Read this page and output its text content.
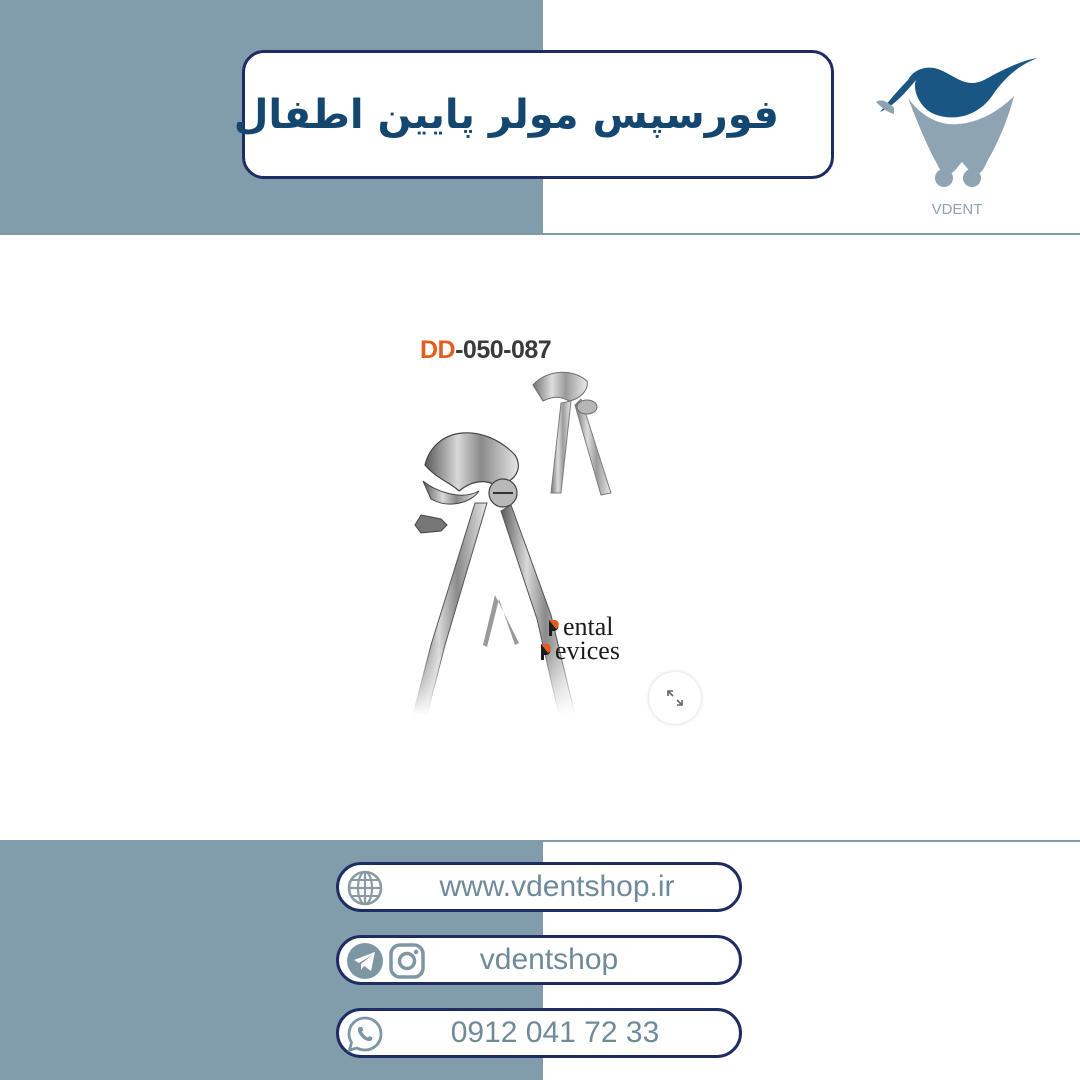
فورسپس مولر پایین اطفال
VDENT
DD-050-087
ental
evices
www.vdentshop.ir
vdentshop
0912 041 72 33
